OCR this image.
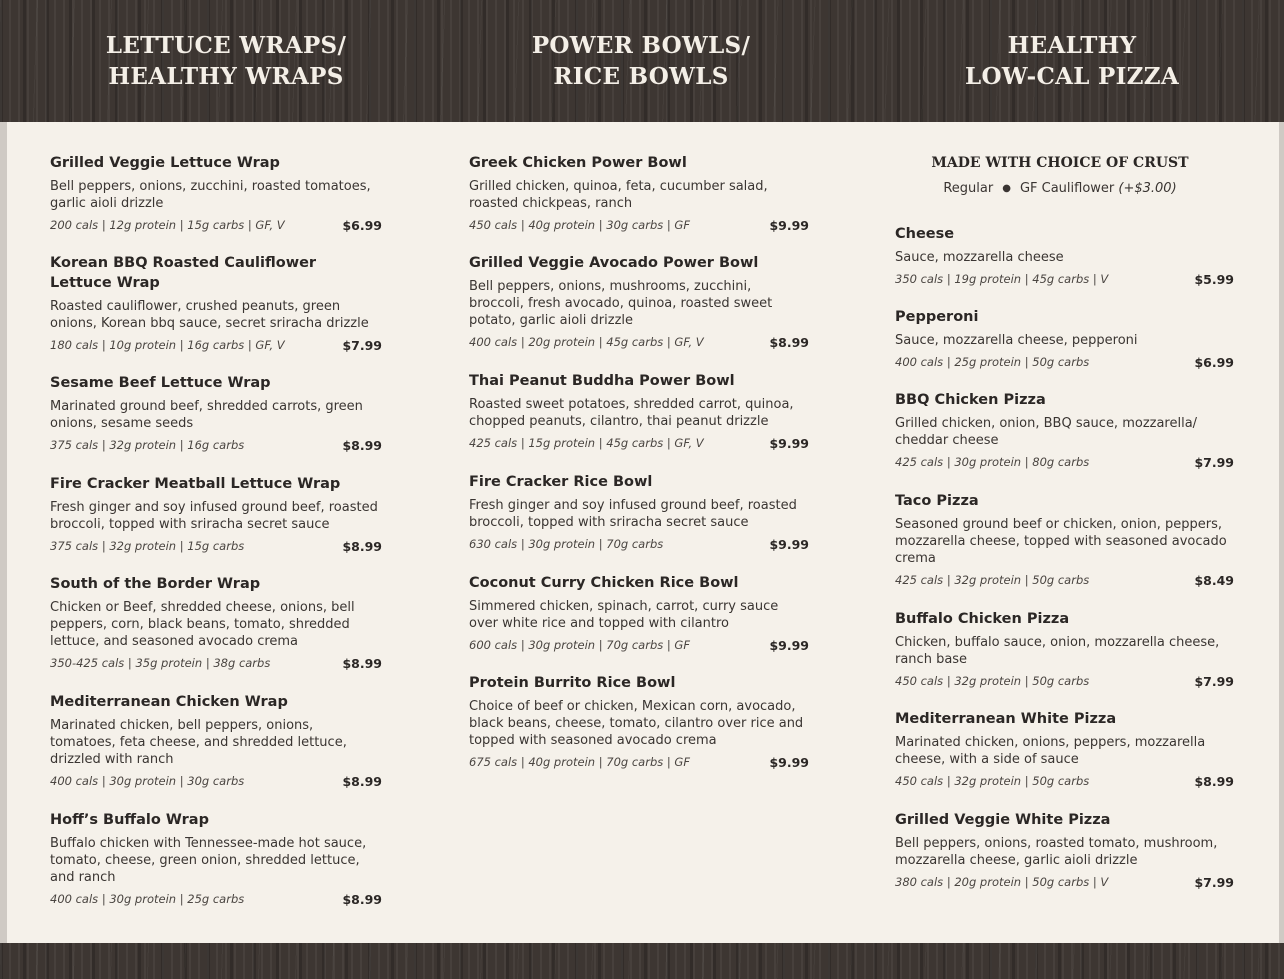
LETTUCE WRAPS/
HEALTHY WRAPS
POWER BOWLS/
RICE BOWLS
HEALTHY
LOW-CAL PIZZA
Grilled Veggie Lettuce Wrap
Bell peppers, onions, zucchini, roasted tomatoes, garlic aioli drizzle
200 cals | 12g protein | 15g carbs | GF, V	$6.99
Korean BBQ Roasted Cauliflower Lettuce Wrap
Roasted cauliflower, crushed peanuts, green onions, Korean bbq sauce, secret sriracha drizzle
180 cals | 10g protein | 16g carbs | GF, V	$7.99
Sesame Beef Lettuce Wrap
Marinated ground beef, shredded carrots, green onions, sesame seeds
375 cals | 32g protein | 16g carbs	$8.99
Fire Cracker Meatball Lettuce Wrap
Fresh ginger and soy infused ground beef, roasted broccoli, topped with sriracha secret sauce
375 cals | 32g protein | 15g carbs	$8.99
South of the Border Wrap
Chicken or Beef, shredded cheese, onions, bell peppers, corn, black beans, tomato, shredded lettuce, and seasoned avocado crema
350-425 cals | 35g protein | 38g carbs	$8.99
Mediterranean Chicken Wrap
Marinated chicken, bell peppers, onions, tomatoes, feta cheese, and shredded lettuce, drizzled with ranch
400 cals | 30g protein | 30g carbs	$8.99
Hoff’s Buffalo Wrap
Buffalo chicken with Tennessee-made hot sauce, tomato, cheese, green onion, shredded lettuce, and ranch
400 cals | 30g protein | 25g carbs	$8.99
Greek Chicken Power Bowl
Grilled chicken, quinoa, feta, cucumber salad, roasted chickpeas, ranch
450 cals | 40g protein | 30g carbs | GF	$9.99
Grilled Veggie Avocado Power Bowl
Bell peppers, onions, mushrooms, zucchini, broccoli, fresh avocado, quinoa, roasted sweet potato, garlic aioli drizzle
400 cals | 20g protein | 45g carbs | GF, V	$8.99
Thai Peanut Buddha Power Bowl
Roasted sweet potatoes, shredded carrot, quinoa, chopped peanuts, cilantro, thai peanut drizzle
425 cals | 15g protein | 45g carbs | GF, V	$9.99
Fire Cracker Rice Bowl
Fresh ginger and soy infused ground beef, roasted broccoli, topped with sriracha secret sauce
630 cals | 30g protein | 70g carbs	$9.99
Coconut Curry Chicken Rice Bowl
Simmered chicken, spinach, carrot, curry sauce over white rice and topped with cilantro
600 cals | 30g protein | 70g carbs | GF	$9.99
Protein Burrito Rice Bowl
Choice of beef or chicken, Mexican corn, avocado, black beans, cheese, tomato, cilantro over rice and topped with seasoned avocado crema
675 cals | 40g protein | 70g carbs | GF	$9.99
MADE WITH CHOICE OF CRUST
Regular ● GF Cauliflower (+$3.00)
Cheese
Sauce, mozzarella cheese
350 cals | 19g protein | 45g carbs | V	$5.99
Pepperoni
Sauce, mozzarella cheese, pepperoni
400 cals | 25g protein | 50g carbs	$6.99
BBQ Chicken Pizza
Grilled chicken, onion, BBQ sauce, mozzarella/ cheddar cheese
425 cals | 30g protein | 80g carbs	$7.99
Taco Pizza
Seasoned ground beef or chicken, onion, peppers, mozzarella cheese, topped with seasoned avocado crema
425 cals | 32g protein | 50g carbs	$8.49
Buffalo Chicken Pizza
Chicken, buffalo sauce, onion, mozzarella cheese, ranch base
450 cals | 32g protein | 50g carbs	$7.99
Mediterranean White Pizza
Marinated chicken, onions, peppers, mozzarella cheese, with a side of sauce
450 cals | 32g protein | 50g carbs	$8.99
Grilled Veggie White Pizza
Bell peppers, onions, roasted tomato, mushroom, mozzarella cheese, garlic aioli drizzle
380 cals | 20g protein | 50g carbs | V	$7.99
